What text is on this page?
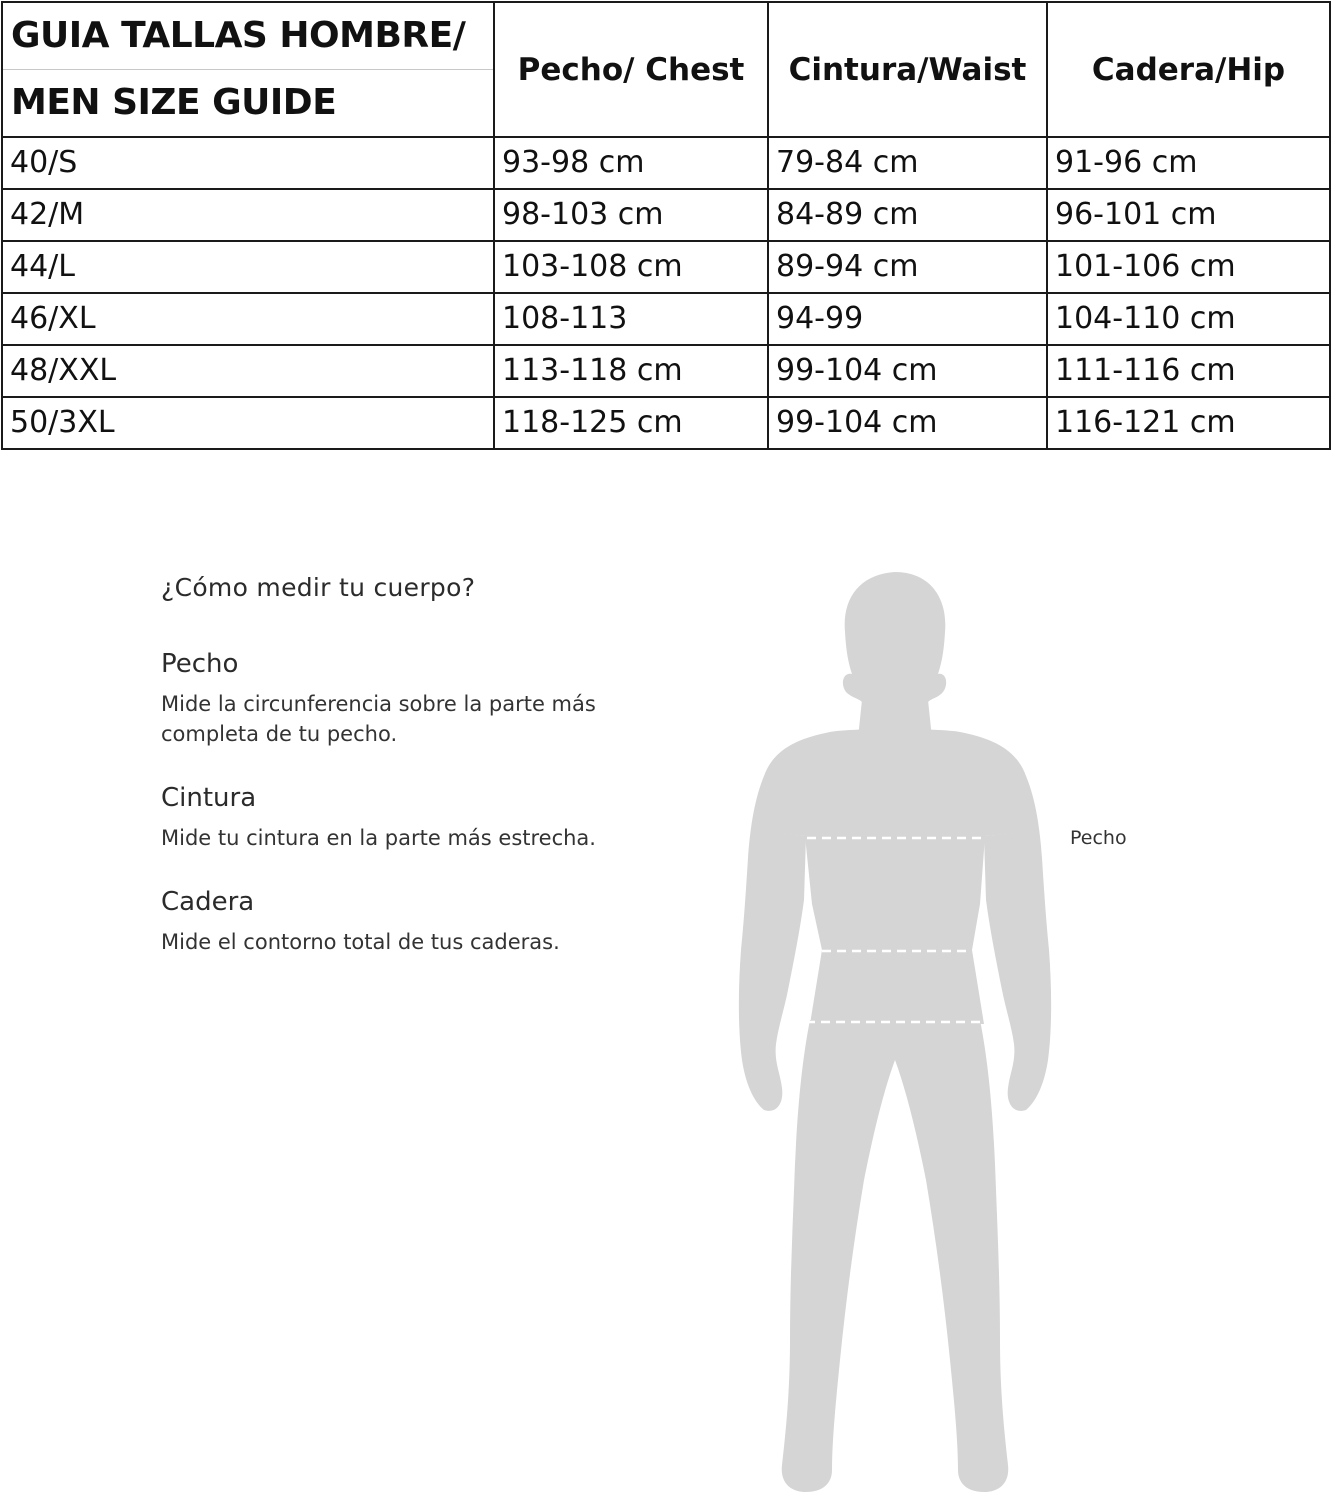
GUIA TALLAS HOMBRE/
MEN SIZE GUIDE	Pecho/ Chest	Cintura/Waist	Cadera/Hip
40/S	93-98 cm	79-84 cm	91-96 cm
42/M	98-103 cm	84-89 cm	96-101 cm
44/L	103-108 cm	89-94 cm	101-106 cm
46/XL	108-113	94-99	104-110 cm
48/XXL	113-118 cm	99-104 cm	111-116 cm
50/3XL	118-125 cm	99-104 cm	116-121 cm
¿Cómo medir tu cuerpo?
Pecho
Mide la circunferencia sobre la parte más completa de tu pecho.
Cintura
Mide tu cintura en la parte más estrecha.
Cadera
Mide el contorno total de tus caderas.
Pecho
